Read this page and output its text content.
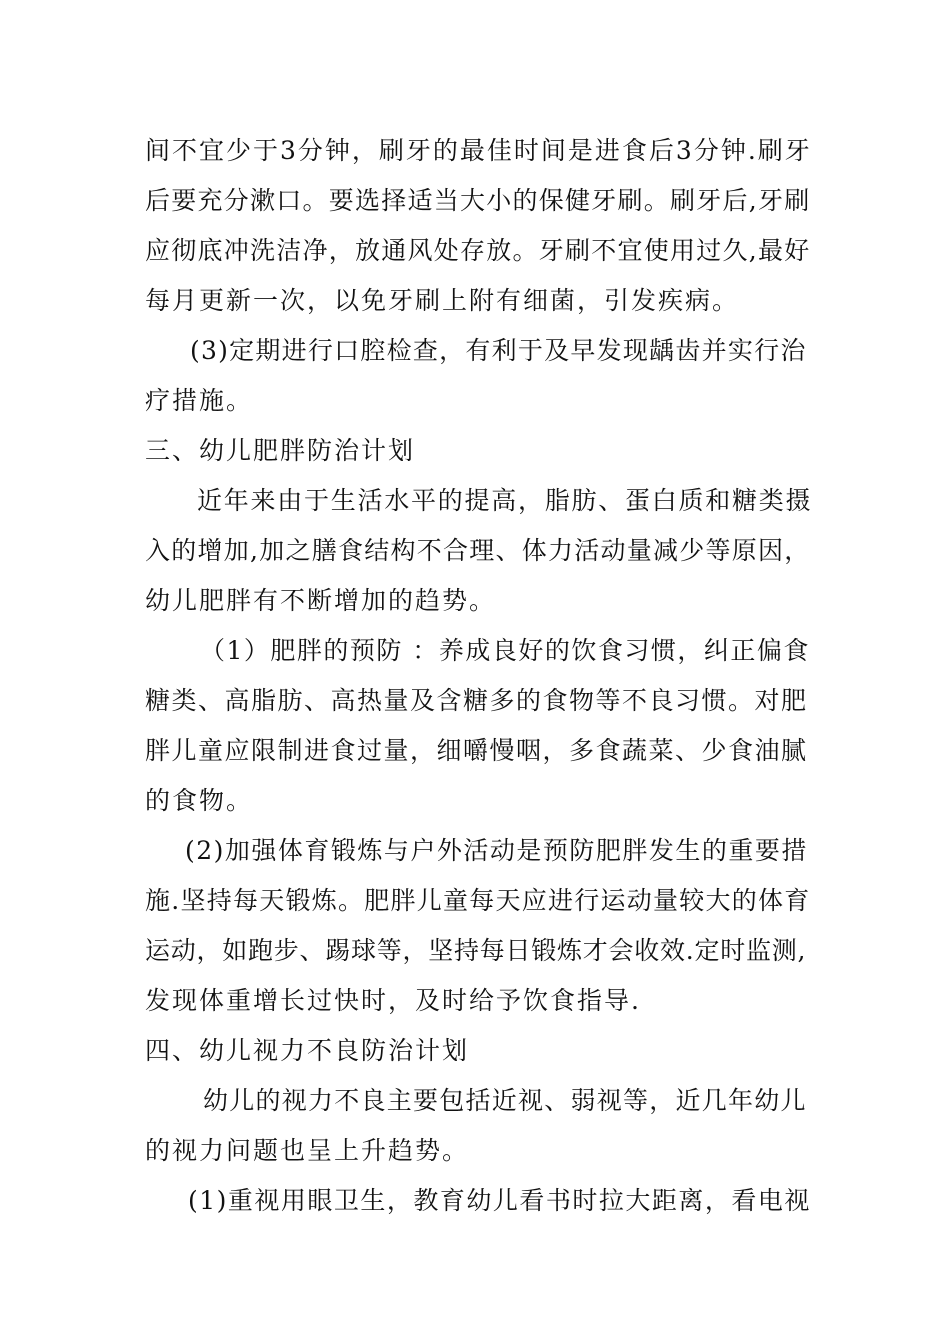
间不宜少于3分钟，刷牙的最佳时间是进食后3分钟.刷牙
后要充分漱口。要选择适当大小的保健牙刷。刷牙后,牙刷
应彻底冲洗洁净，放通风处存放。牙刷不宜使用过久,最好
每月更新一次，以免牙刷上附有细菌，引发疾病。
(3)定期进行口腔检查，有利于及早发现龋齿并实行治
疗措施。
三、幼儿肥胖防治计划
近年来由于生活水平的提高，脂肪、蛋白质和糖类摄
入的增加,加之膳食结构不合理、体力活动量减少等原因，
幼儿肥胖有不断增加的趋势。
（1）肥胖的预防 ：养成良好的饮食习惯，纠正偏食
糖类、高脂肪、高热量及含糖多的食物等不良习惯。对肥
胖儿童应限制进食过量，细嚼慢咽，多食蔬菜、少食油腻
的食物。
(2)加强体育锻炼与户外活动是预防肥胖发生的重要措
施.坚持每天锻炼。肥胖儿童每天应进行运动量较大的体育
运动，如跑步、踢球等，坚持每日锻炼才会收效.定时监测,
发现体重增长过快时，及时给予饮食指导.
四、幼儿视力不良防治计划
幼儿的视力不良主要包括近视、弱视等，近几年幼儿
的视力问题也呈上升趋势。
(1)重视用眼卫生，教育幼儿看书时拉大距离，看电视
